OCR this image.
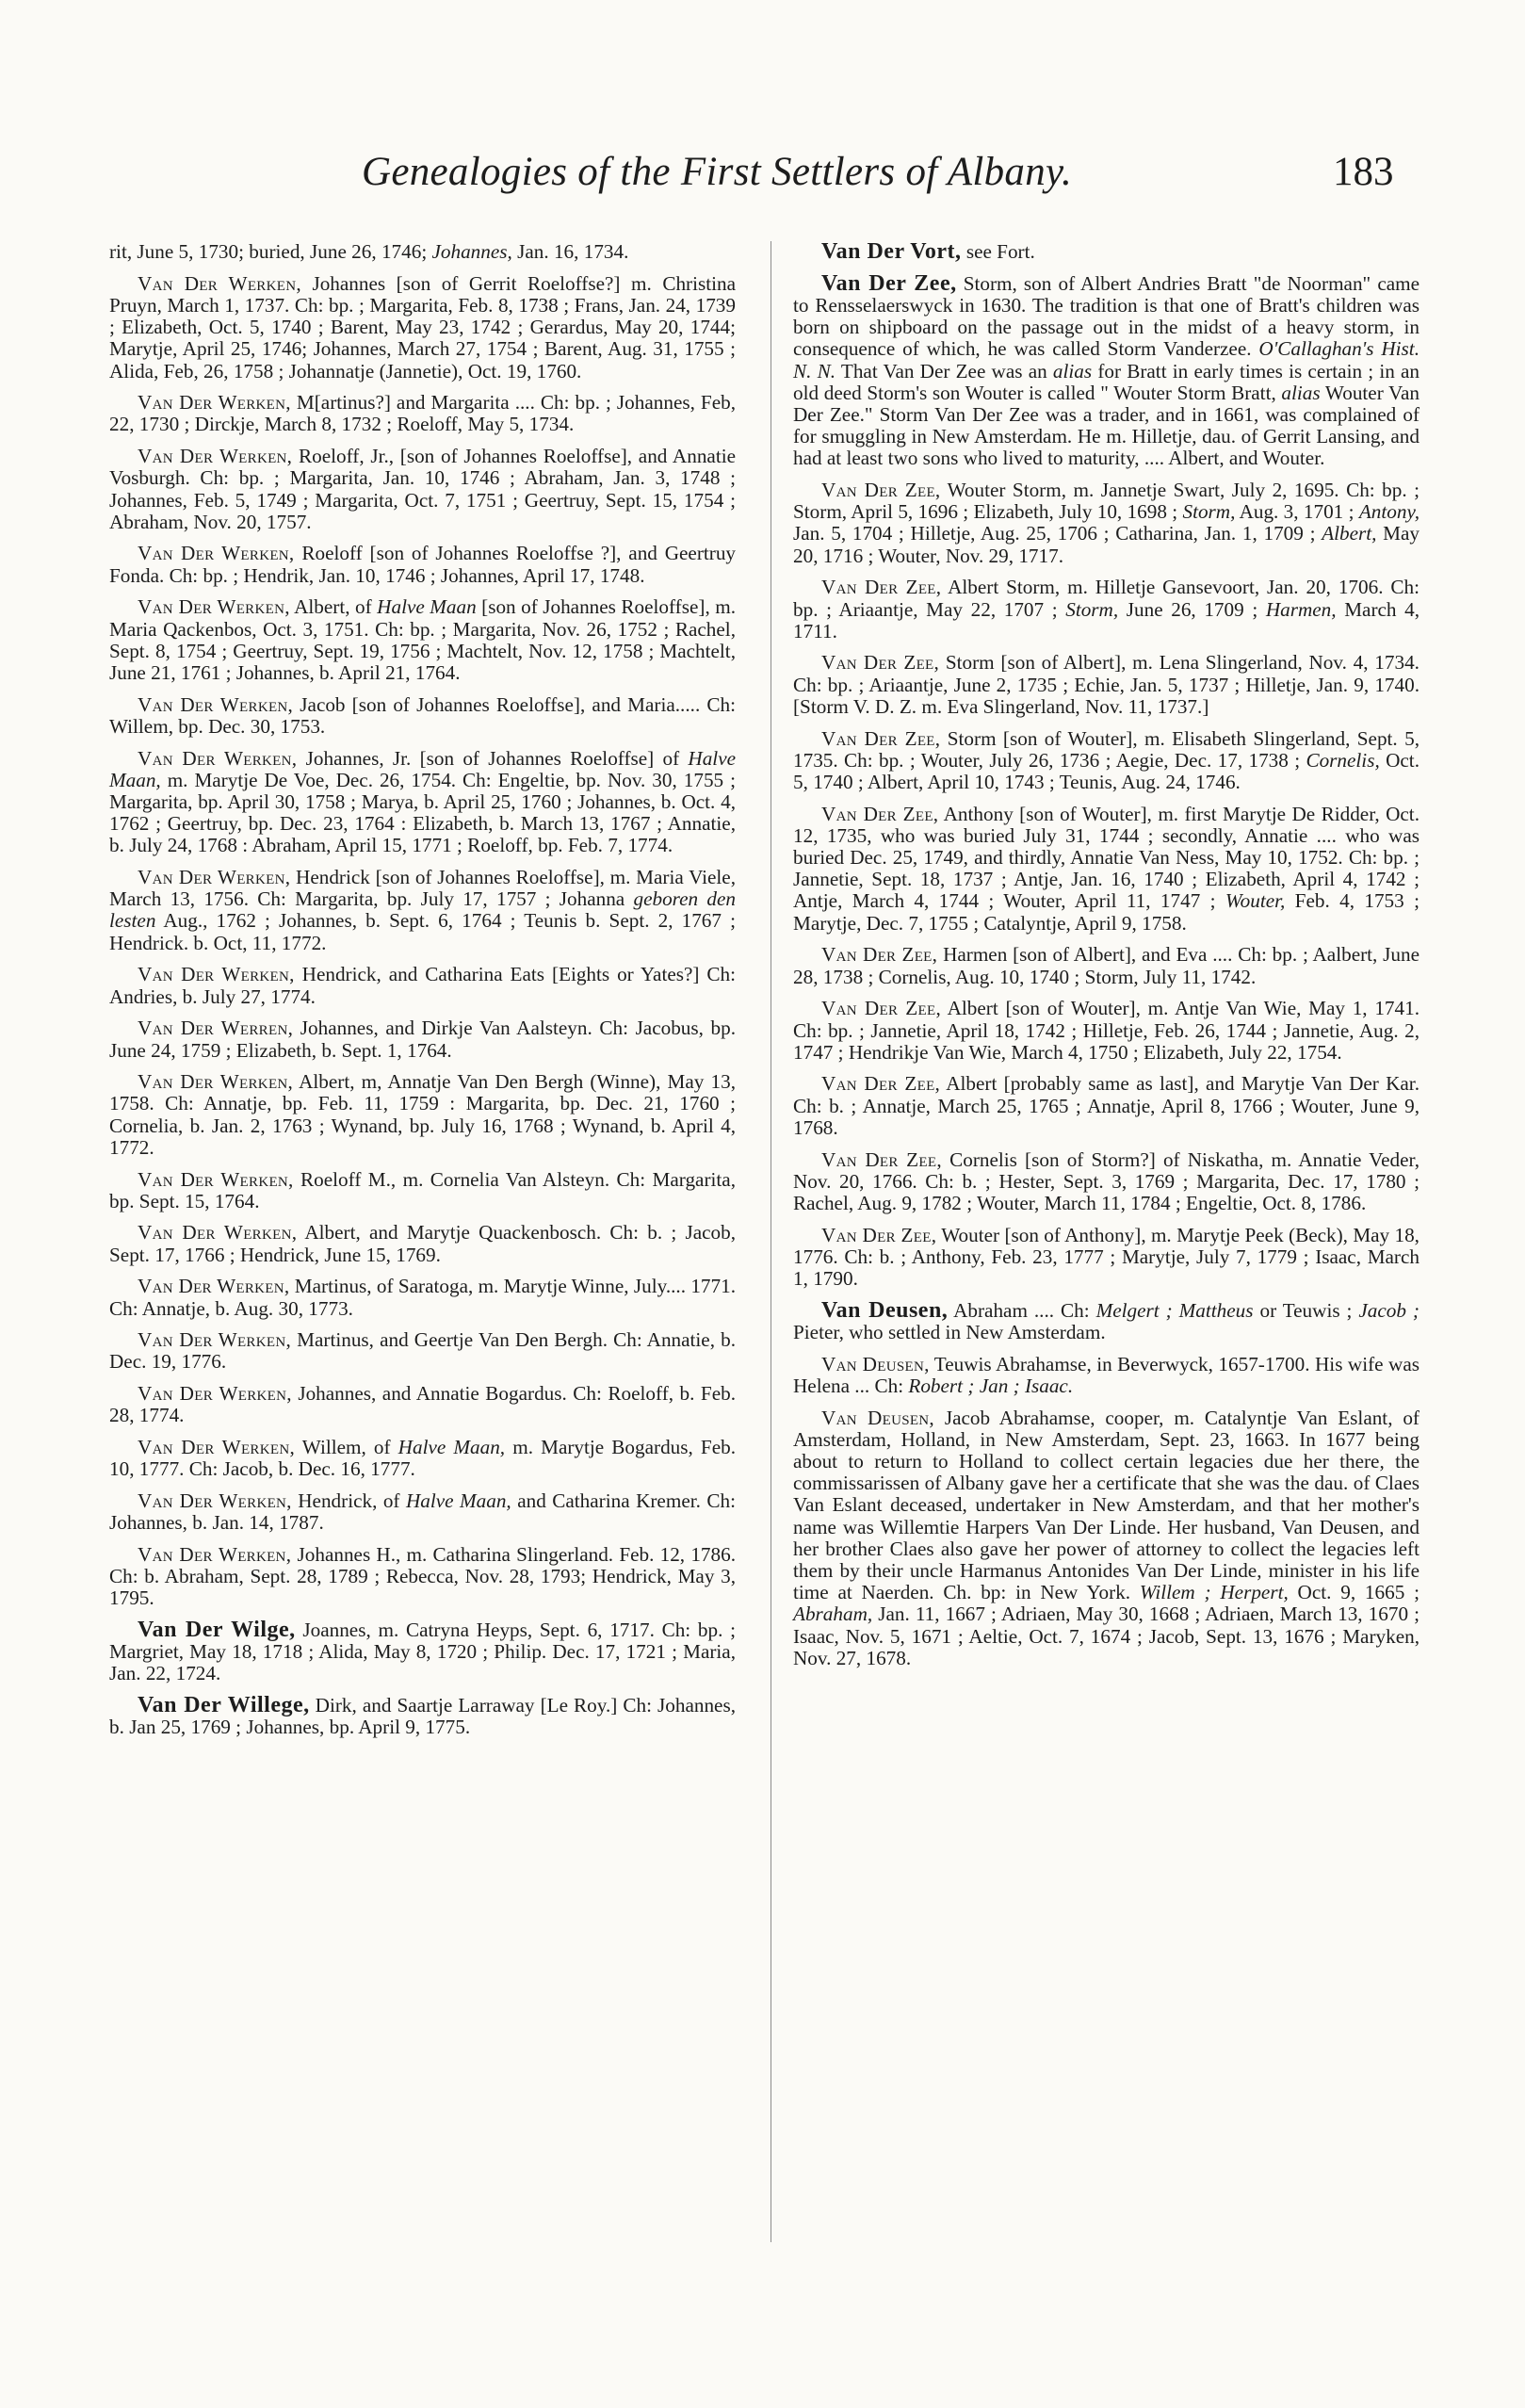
Genealogies of the First Settlers of Albany.	183

rit, June 5, 1730; buried, June 26, 1746; Johannes, Jan. 16, 1734.

Van Der Werken, Johannes [son of Gerrit Roeloffse?] m. Christina Pruyn, March 1, 1737. Ch: bp. ; Margarita, Feb. 8, 1738 ; Frans, Jan. 24, 1739 ; Elizabeth, Oct. 5, 1740 ; Barent, May 23, 1742 ; Gerardus, May 20, 1744; Marytje, April 25, 1746; Johannes, March 27, 1754 ; Barent, Aug. 31, 1755 ; Alida, Feb, 26, 1758 ; Johannatje (Jannetie), Oct. 19, 1760.

Van Der Werken, M[artinus?] and Margarita .... Ch: bp. ; Johannes, Feb, 22, 1730 ; Dirckje, March 8, 1732 ; Roeloff, May 5, 1734.

Van Der Werken, Roeloff, Jr., [son of Johannes Roeloffse], and Annatie Vosburgh. Ch: bp. ; Margarita, Jan. 10, 1746 ; Abraham, Jan. 3, 1748 ; Johannes, Feb. 5, 1749 ; Margarita, Oct. 7, 1751 ; Geertruy, Sept. 15, 1754 ; Abraham, Nov. 20, 1757.

Van Der Werken, Roeloff [son of Johannes Roeloffse ?], and Geertruy Fonda. Ch: bp. ; Hendrik, Jan. 10, 1746 ; Johannes, April 17, 1748.

Van Der Werken, Albert, of Halve Maan [son of Johannes Roeloffse], m. Maria Qackenbos, Oct. 3, 1751. Ch: bp. ; Margarita, Nov. 26, 1752 ; Rachel, Sept. 8, 1754 ; Geertruy, Sept. 19, 1756 ; Machtelt, Nov. 12, 1758 ; Machtelt, June 21, 1761 ; Johannes, b. April 21, 1764.

Van Der Werken, Jacob [son of Johannes Roeloffse], and Maria..... Ch: Willem, bp. Dec. 30, 1753.

Van Der Werken, Johannes, Jr. [son of Johannes Roeloffse] of Halve Maan, m. Marytje De Voe, Dec. 26, 1754. Ch: Engeltie, bp. Nov. 30, 1755 ; Margarita, bp. April 30, 1758 ; Marya, b. April 25, 1760 ; Johannes, b. Oct. 4, 1762 ; Geertruy, bp. Dec. 23, 1764 : Elizabeth, b. March 13, 1767 ; Annatie, b. July 24, 1768 : Abraham, April 15, 1771 ; Roeloff, bp. Feb. 7, 1774.

Van Der Werken, Hendrick [son of Johannes Roeloffse], m. Maria Viele, March 13, 1756. Ch: Margarita, bp. July 17, 1757 ; Johanna geboren den lesten Aug., 1762 ; Johannes, b. Sept. 6, 1764 ; Teunis b. Sept. 2, 1767 ; Hendrick. b. Oct, 11, 1772.

Van Der Werken, Hendrick, and Catharina Eats [Eights or Yates?] Ch: Andries, b. July 27, 1774.

Van Der Werren, Johannes, and Dirkje Van Aalsteyn. Ch: Jacobus, bp. June 24, 1759 ; Elizabeth, b. Sept. 1, 1764.

Van Der Werken, Albert, m, Annatje Van Den Bergh (Winne), May 13, 1758. Ch: Annatje, bp. Feb. 11, 1759 : Margarita, bp. Dec. 21, 1760 ; Cornelia, b. Jan. 2, 1763 ; Wynand, bp. July 16, 1768 ; Wynand, b. April 4, 1772.

Van Der Werken, Roeloff M., m. Cornelia Van Alsteyn. Ch: Margarita, bp. Sept. 15, 1764.

Van Der Werken, Albert, and Marytje Quackenbosch. Ch: b. ; Jacob, Sept. 17, 1766 ; Hendrick, June 15, 1769.

Van Der Werken, Martinus, of Saratoga, m. Marytje Winne, July.... 1771. Ch: Annatje, b. Aug. 30, 1773.

Van Der Werken, Martinus, and Geertje Van Den Bergh. Ch: Annatie, b. Dec. 19, 1776.

Van Der Werken, Johannes, and Annatie Bogardus. Ch: Roeloff, b. Feb. 28, 1774.

Van Der Werken, Willem, of Halve Maan, m. Marytje Bogardus, Feb. 10, 1777. Ch: Jacob, b. Dec. 16, 1777.

Van Der Werken, Hendrick, of Halve Maan, and Catharina Kremer. Ch: Johannes, b. Jan. 14, 1787.

Van Der Werken, Johannes H., m. Catharina Slingerland. Feb. 12, 1786. Ch: b. Abraham, Sept. 28, 1789 ; Rebecca, Nov. 28, 1793; Hendrick, May 3, 1795.

Van Der Wilge, Joannes, m. Catryna Heyps, Sept. 6, 1717. Ch: bp. ; Margriet, May 18, 1718 ; Alida, May 8, 1720 ; Philip. Dec. 17, 1721 ; Maria, Jan. 22, 1724.

Van Der Willege, Dirk, and Saartje Larraway [Le Roy.] Ch: Johannes, b. Jan 25, 1769 ; Johannes, bp. April 9, 1775.

Van Der Vort, see Fort.

Van Der Zee, Storm, son of Albert Andries Bratt "de Noorman" came to Rensselaerswyck in 1630. The tradition is that one of Bratt's children was born on shipboard on the passage out in the midst of a heavy storm, in consequence of which, he was called Storm Vanderzee. O'Callaghan's Hist. N. N. That Van Der Zee was an alias for Bratt in early times is certain ; in an old deed Storm's son Wouter is called " Wouter Storm Bratt, alias Wouter Van Der Zee." Storm Van Der Zee was a trader, and in 1661, was complained of for smuggling in New Amsterdam. He m. Hilletje, dau. of Gerrit Lansing, and had at least two sons who lived to maturity, .... Albert, and Wouter.

Van Der Zee, Wouter Storm, m. Jannetje Swart, July 2, 1695. Ch: bp. ; Storm, April 5, 1696 ; Elizabeth, July 10, 1698 ; Storm, Aug. 3, 1701 ; Antony, Jan. 5, 1704 ; Hilletje, Aug. 25, 1706 ; Catharina, Jan. 1, 1709 ; Albert, May 20, 1716 ; Wouter, Nov. 29, 1717.

Van Der Zee, Albert Storm, m. Hilletje Gansevoort, Jan. 20, 1706. Ch: bp. ; Ariaantje, May 22, 1707 ; Storm, June 26, 1709 ; Harmen, March 4, 1711.

Van Der Zee, Storm [son of Albert], m. Lena Slingerland, Nov. 4, 1734. Ch: bp. ; Ariaantje, June 2, 1735 ; Echie, Jan. 5, 1737 ; Hilletje, Jan. 9, 1740. [Storm V. D. Z. m. Eva Slingerland, Nov. 11, 1737.]

Van Der Zee, Storm [son of Wouter], m. Elisabeth Slingerland, Sept. 5, 1735. Ch: bp. ; Wouter, July 26, 1736 ; Aegie, Dec. 17, 1738 ; Cornelis, Oct. 5, 1740 ; Albert, April 10, 1743 ; Teunis, Aug. 24, 1746.

Van Der Zee, Anthony [son of Wouter], m. first Marytje De Ridder, Oct. 12, 1735, who was buried July 31, 1744 ; secondly, Annatie .... who was buried Dec. 25, 1749, and thirdly, Annatie Van Ness, May 10, 1752. Ch: bp. ; Jannetie, Sept. 18, 1737 ; Antje, Jan. 16, 1740 ; Elizabeth, April 4, 1742 ; Antje, March 4, 1744 ; Wouter, April 11, 1747 ; Wouter, Feb. 4, 1753 ; Marytje, Dec. 7, 1755 ; Catalyntje, April 9, 1758.

Van Der Zee, Harmen [son of Albert], and Eva .... Ch: bp. ; Aalbert, June 28, 1738 ; Cornelis, Aug. 10, 1740 ; Storm, July 11, 1742.

Van Der Zee, Albert [son of Wouter], m. Antje Van Wie, May 1, 1741. Ch: bp. ; Jannetie, April 18, 1742 ; Hilletje, Feb. 26, 1744 ; Jannetie, Aug. 2, 1747 ; Hendrikje Van Wie, March 4, 1750 ; Elizabeth, July 22, 1754.

Van Der Zee, Albert [probably same as last], and Marytje Van Der Kar. Ch: b. ; Annatje, March 25, 1765 ; Annatje, April 8, 1766 ; Wouter, June 9, 1768.

Van Der Zee, Cornelis [son of Storm?] of Niskatha, m. Annatie Veder, Nov. 20, 1766. Ch: b. ; Hester, Sept. 3, 1769 ; Margarita, Dec. 17, 1780 ; Rachel, Aug. 9, 1782 ; Wouter, March 11, 1784 ; Engeltie, Oct. 8, 1786.

Van Der Zee, Wouter [son of Anthony], m. Marytje Peek (Beck), May 18, 1776. Ch: b. ; Anthony, Feb. 23, 1777 ; Marytje, July 7, 1779 ; Isaac, March 1, 1790.

Van Deusen, Abraham .... Ch: Melgert ; Mattheus or Teuwis ; Jacob ; Pieter, who settled in New Amsterdam.

Van Deusen, Teuwis Abrahamse, in Beverwyck, 1657-1700. His wife was Helena ... Ch: Robert ; Jan ; Isaac.

Van Deusen, Jacob Abrahamse, cooper, m. Catalyntje Van Eslant, of Amsterdam, Holland, in New Amsterdam, Sept. 23, 1663. In 1677 being about to return to Holland to collect certain legacies due her there, the commissarissen of Albany gave her a certificate that she was the dau. of Claes Van Eslant deceased, undertaker in New Amsterdam, and that her mother's name was Willemtie Harpers Van Der Linde. Her husband, Van Deusen, and her brother Claes also gave her power of attorney to collect the legacies left them by their uncle Harmanus Antonides Van Der Linde, minister in his life time at Naerden. Ch. bp: in New York. Willem ; Herpert, Oct. 9, 1665 ; Abraham, Jan. 11, 1667 ; Adriaen, May 30, 1668 ; Adriaen, March 13, 1670 ; Isaac, Nov. 5, 1671 ; Aeltie, Oct. 7, 1674 ; Jacob, Sept. 13, 1676 ; Maryken, Nov. 27, 1678.
